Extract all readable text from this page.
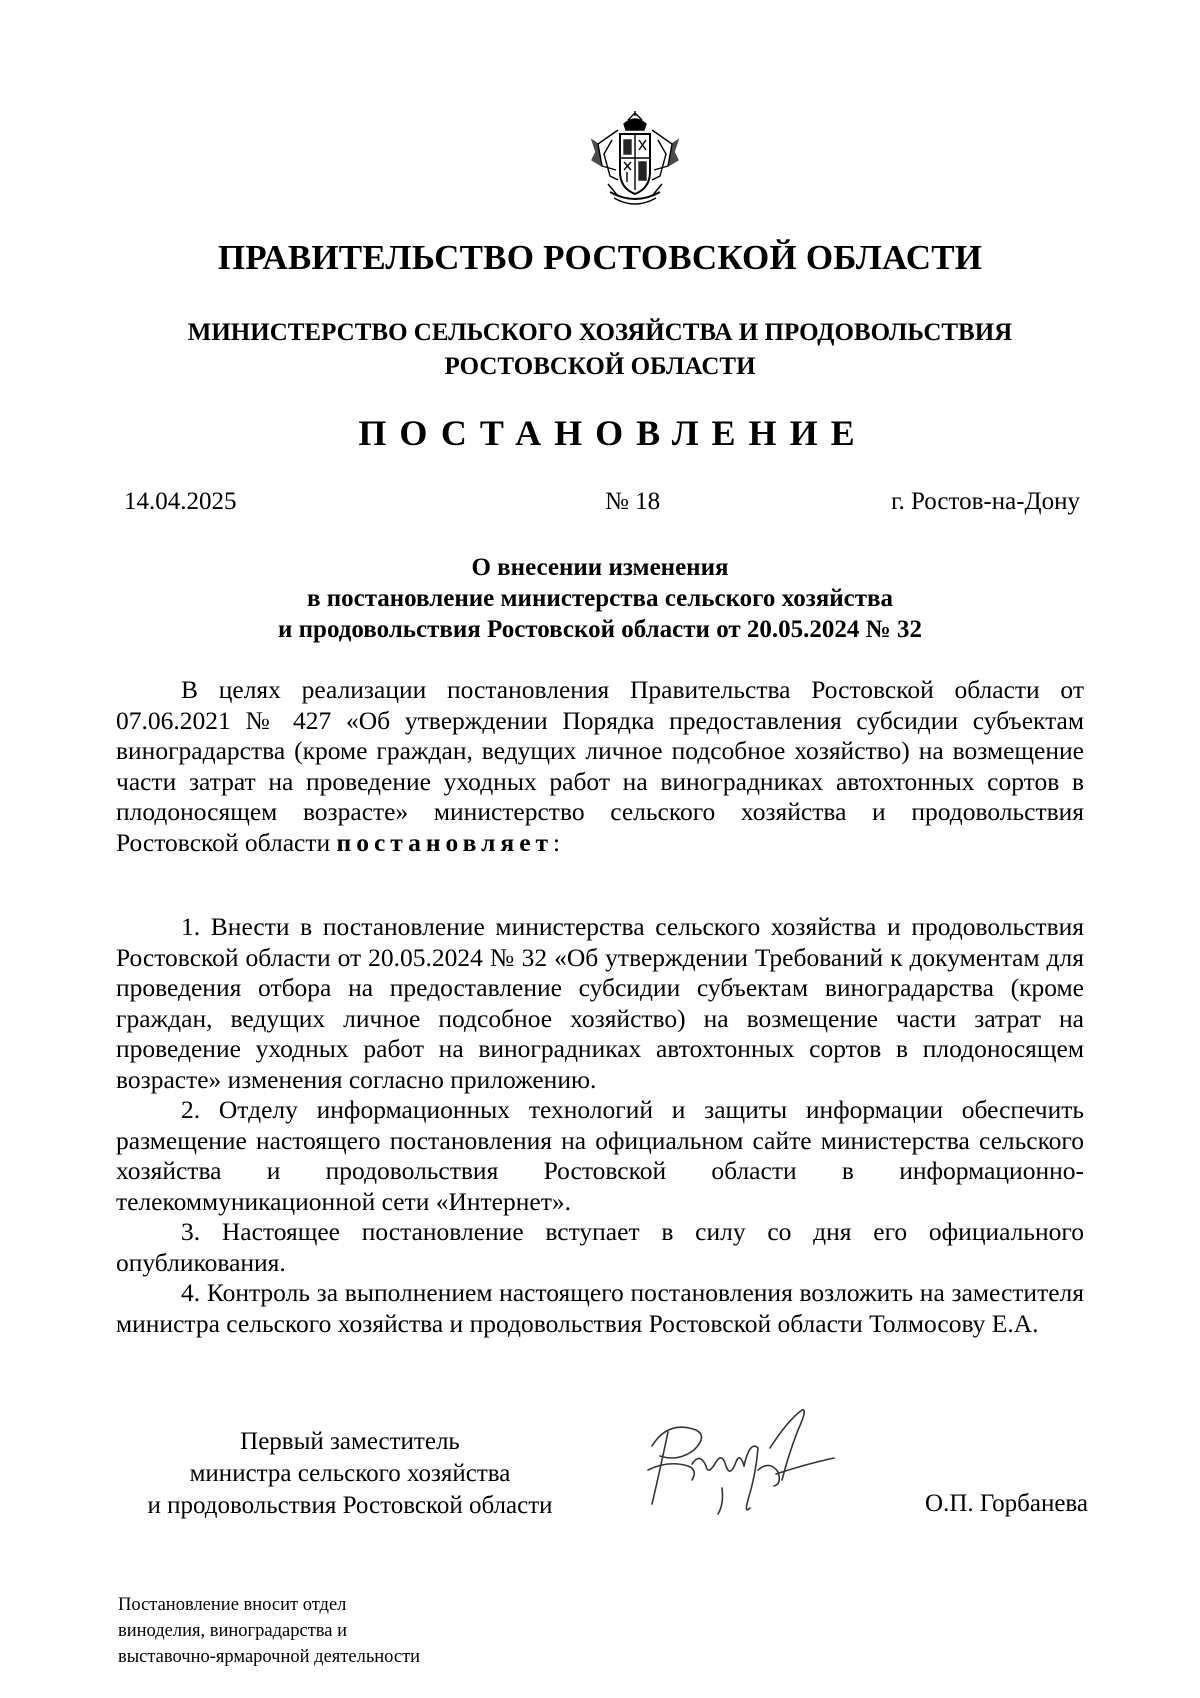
ПРАВИТЕЛЬСТВО РОСТОВСКОЙ ОБЛАСТИ
МИНИСТЕРСТВО СЕЛЬСКОГО ХОЗЯЙСТВА И ПРОДОВОЛЬСТВИЯ
РОСТОВСКОЙ ОБЛАСТИ
ПОСТАНОВЛЕНИЕ
14.04.2025	№ 18	г. Ростов-на-Дону
О внесении изменения
в постановление министерства сельского хозяйства
и продовольствия Ростовской области от 20.05.2024 № 32

В целях реализации постановления Правительства Ростовской области от 07.06.2021 № 427 «Об утверждении Порядка предоставления субсидии субъектам виноградарства (кроме граждан, ведущих личное подсобное хозяйство) на возмещение части затрат на проведение уходных работ на виноградниках автохтонных сортов в плодоносящем возрасте» министерство сельского хозяйства и продовольствия Ростовской области постановляет:

1. Внести в постановление министерства сельского хозяйства и продовольствия Ростовской области от 20.05.2024 № 32 «Об утверждении Требований к документам для проведения отбора на предоставление субсидии субъектам виноградарства (кроме граждан, ведущих личное подсобное хозяйство) на возмещение части затрат на проведение уходных работ на виноградниках автохтонных сортов в плодоносящем возрасте» изменения согласно приложению.

2. Отделу информационных технологий и защиты информации обеспечить размещение настоящего постановления на официальном сайте министерства сельского хозяйства и продовольствия Ростовской области в информационно-телекоммуникационной сети «Интернет».

3. Настоящее постановление вступает в силу со дня его официального опубликования.

4. Контроль за выполнением настоящего постановления возложить на заместителя министра сельского хозяйства и продовольствия Ростовской области Толмосову Е.А.

Первый заместитель
министра сельского хозяйства
и продовольствия Ростовской области	О.П. Горбанева
Постановление вносит отдел
виноделия, виноградарства и
выставочно-ярмарочной деятельности
